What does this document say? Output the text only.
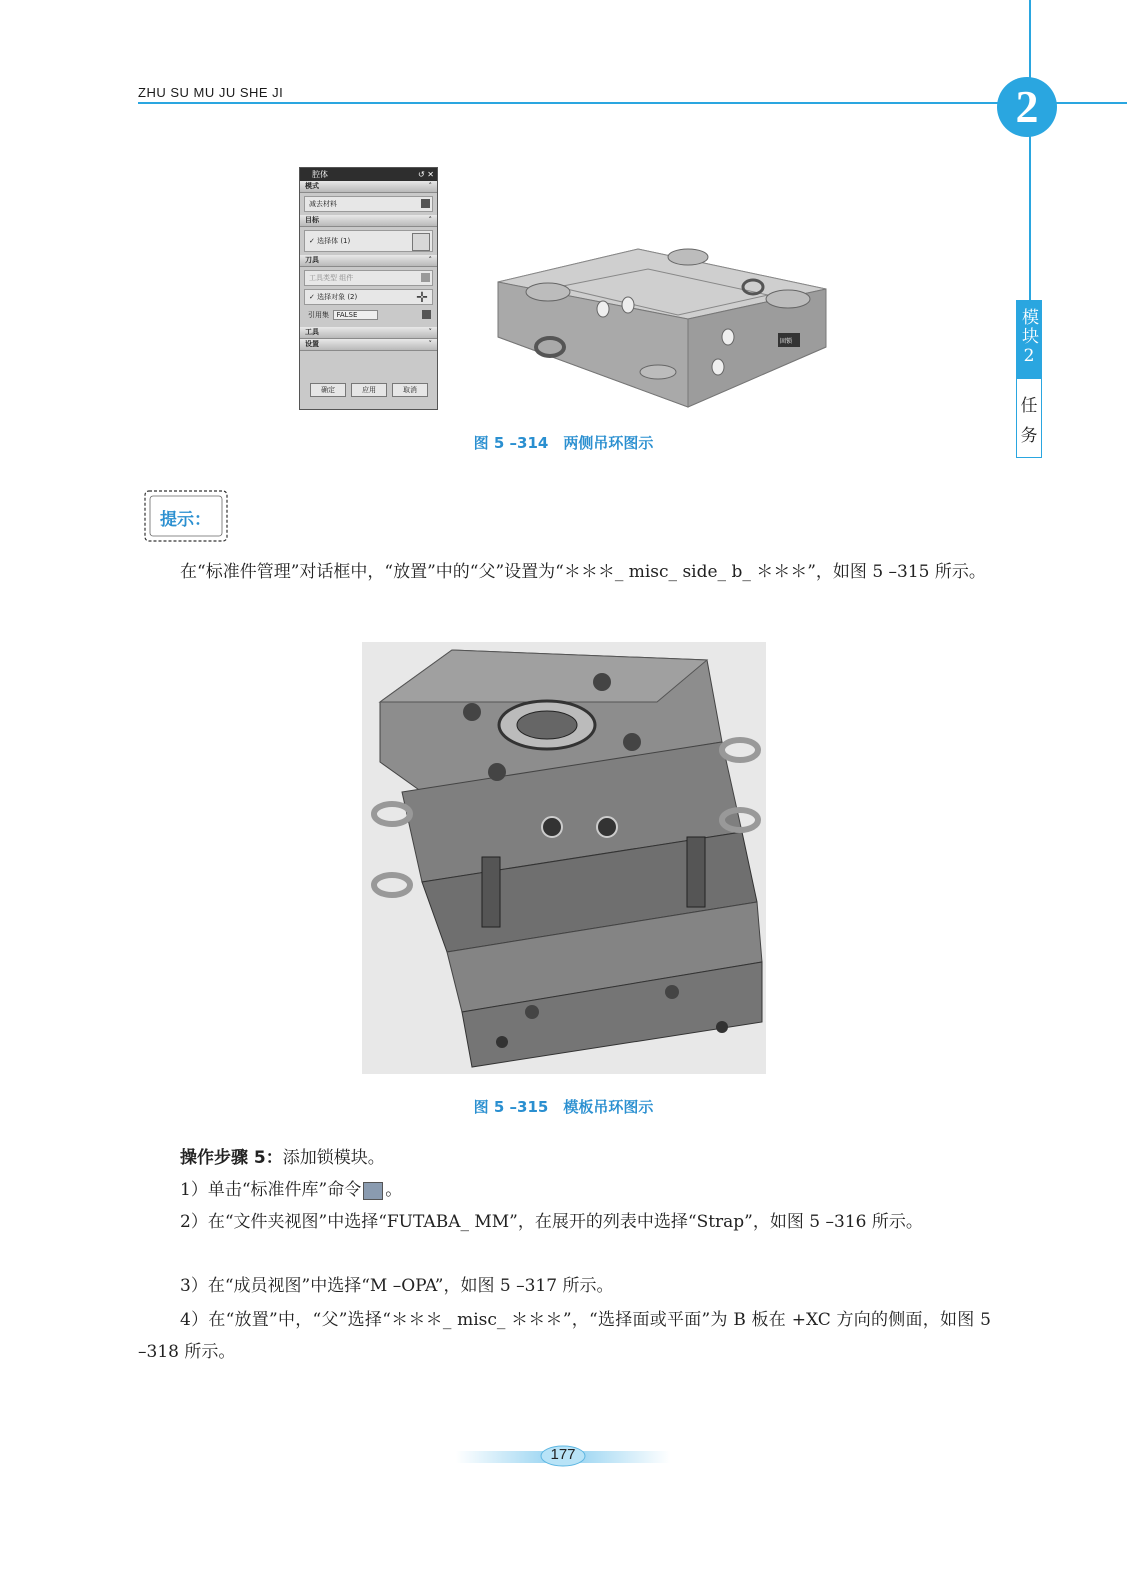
ZHU SU MU JU SHE JI	2
模块2
任务
腔体	↺ ✕
模式	˄
减去材料
目标	˄
✓ 选择体 (1)
刀具	˄
工具类型 组件
✓ 选择对象 (2)	✛
引用集 FALSE
工具	˅
设置	˅
确定	应用	取消
固锁
图 5 –314　两侧吊环图示
提示：
在“标准件管理”对话框中，“放置”中的“父”设置为“＊＊＊_ misc_ side_ b_ ＊＊＊”，如图 5 –315 所示。
图 5 –315　模板吊环图示
操作步骤 5：添加锁模块。
1）单击“标准件库”命令 。
2）在“文件夹视图”中选择“FUTABA_ MM”，在展开的列表中选择“Strap”，如图 5 –316 所示。
3）在“成员视图”中选择“M –OPA”，如图 5 –317 所示。
4）在“放置”中，“父”选择“＊＊＊_ misc_ ＊＊＊”，“选择面或平面”为 B 板在 +XC 方向的侧面，如图 5 –318 所示。
177
